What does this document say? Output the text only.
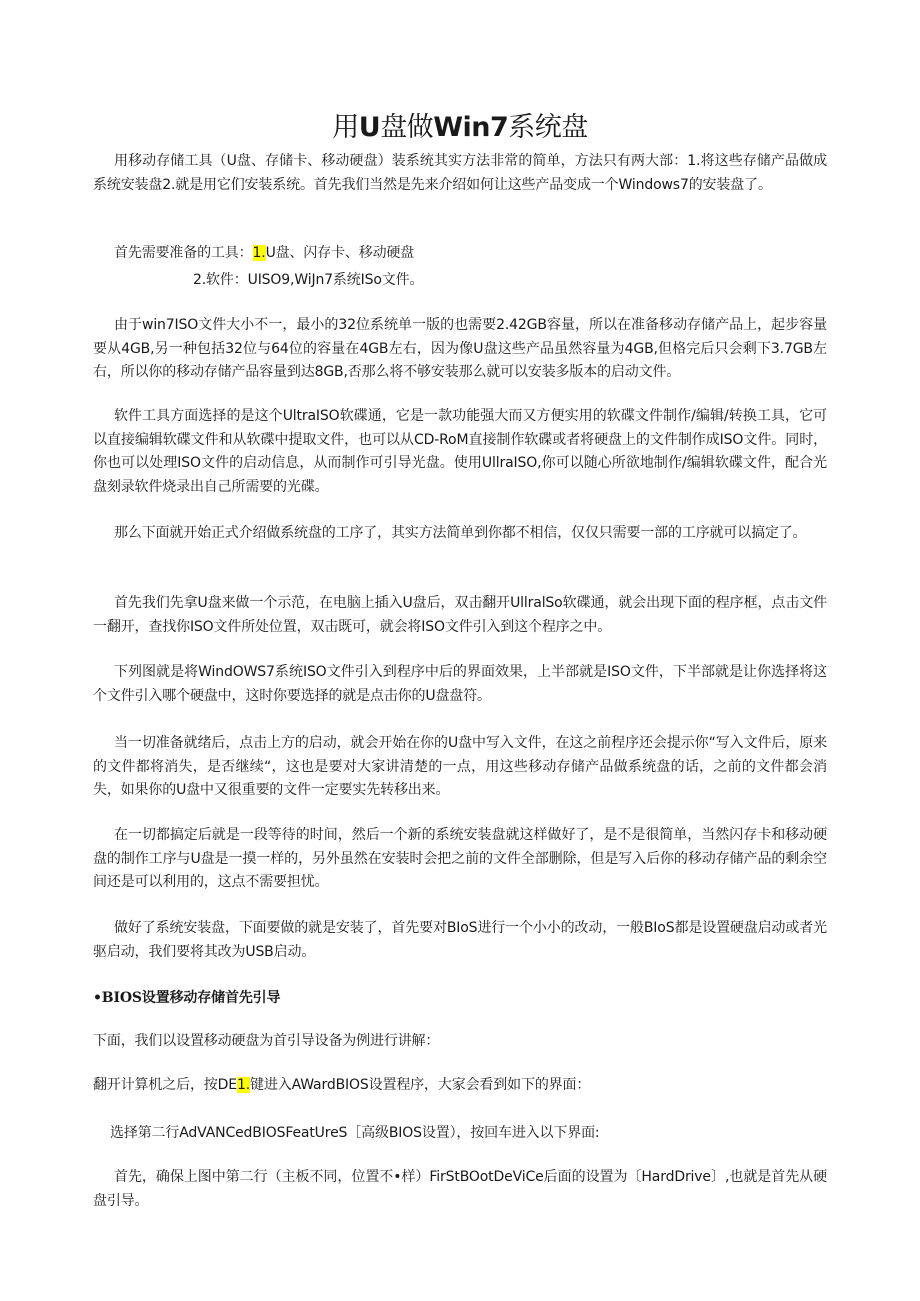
用U盘做Win7系统盘

用移动存储工具（U盘、存储卡、移动硬盘）装系统其实方法非常的简单，方法只有两大部：1.将这些存储产品做成系统安装盘2.就是用它们安装系统。首先我们当然是先来介绍如何让这些产品变成一个Windows7的安装盘了。

首先需要准备的工具：1.U盘、闪存卡、移动硬盘

2.软件：UISO9,WiJn7系统ISo文件。

由于win7ISO文件大小不一，最小的32位系统单一版的也需要2.42GB容量，所以在准备移动存储产品上，起步容量要从4GB,另一种包括32位与64位的容量在4GB左右，因为像U盘这些产品虽然容量为4GB,但格完后只会剩下3.7GB左右，所以你的移动存储产品容量到达8GB,否那么将不够安装那么就可以安装多版本的启动文件。

软件工具方面选择的是这个UltraISO软碟通，它是一款功能强大而又方便实用的软碟文件制作/编辑/转换工具，它可以直接编辑软碟文件和从软碟中提取文件，也可以从CD-RoM直接制作软碟或者将硬盘上的文件制作成ISO文件。同时，你也可以处理ISO文件的启动信息，从而制作可引导光盘。使用UllraISO,你可以随心所欲地制作/编辑软碟文件，配合光盘刻录软件烧录出自己所需要的光碟。

那么下面就开始正式介绍做系统盘的工序了，其实方法简单到你都不相信，仅仅只需要一部的工序就可以搞定了。

首先我们先拿U盘来做一个示范，在电脑上插入U盘后，双击翻开UllralSo软碟通，就会出现下面的程序框，点击文件一翻开，查找你ISO文件所处位置，双击既可，就会将ISO文件引入到这个程序之中。

下列图就是将WindOWS7系统ISO文件引入到程序中后的界面效果，上半部就是ISO文件，下半部就是让你选择将这个文件引入哪个硬盘中，这时你要选择的就是点击你的U盘盘符。

当一切准备就绪后，点击上方的启动，就会开始在你的U盘中写入文件，在这之前程序还会提示你“写入文件后，原来的文件都将消失，是否继续“，这也是要对大家讲清楚的一点，用这些移动存储产品做系统盘的话，之前的文件都会消失，如果你的U盘中又很重要的文件一定要实先转移出来。

在一切都搞定后就是一段等待的时间，然后一个新的系统安装盘就这样做好了，是不是很简单，当然闪存卡和移动硬盘的制作工序与U盘是一摸一样的，另外虽然在安装时会把之前的文件全部删除，但是写入后你的移动存储产品的剩余空间还是可以利用的，这点不需要担忧。

做好了系统安装盘，下面要做的就是安装了，首先要对BIoS进行一个小小的改动，一般BIoS都是设置硬盘启动或者光驱启动，我们要将其改为USB启动。

•BIOS设置移动存储首先引导

下面，我们以设置移动硬盘为首引导设备为例进行讲解：

翻开计算机之后，按DE1.键进入AWardBIOS设置程序，大家会看到如下的界面：

选择第二行AdVANCedBIOSFeatUreS［高级BIOS设置），按回车进入以下界面:

首先，确保上图中第二行（主板不同，位置不•样）FirStBOotDeViCe后面的设置为〔HardDrive〕,也就是首先从硬盘引导。
